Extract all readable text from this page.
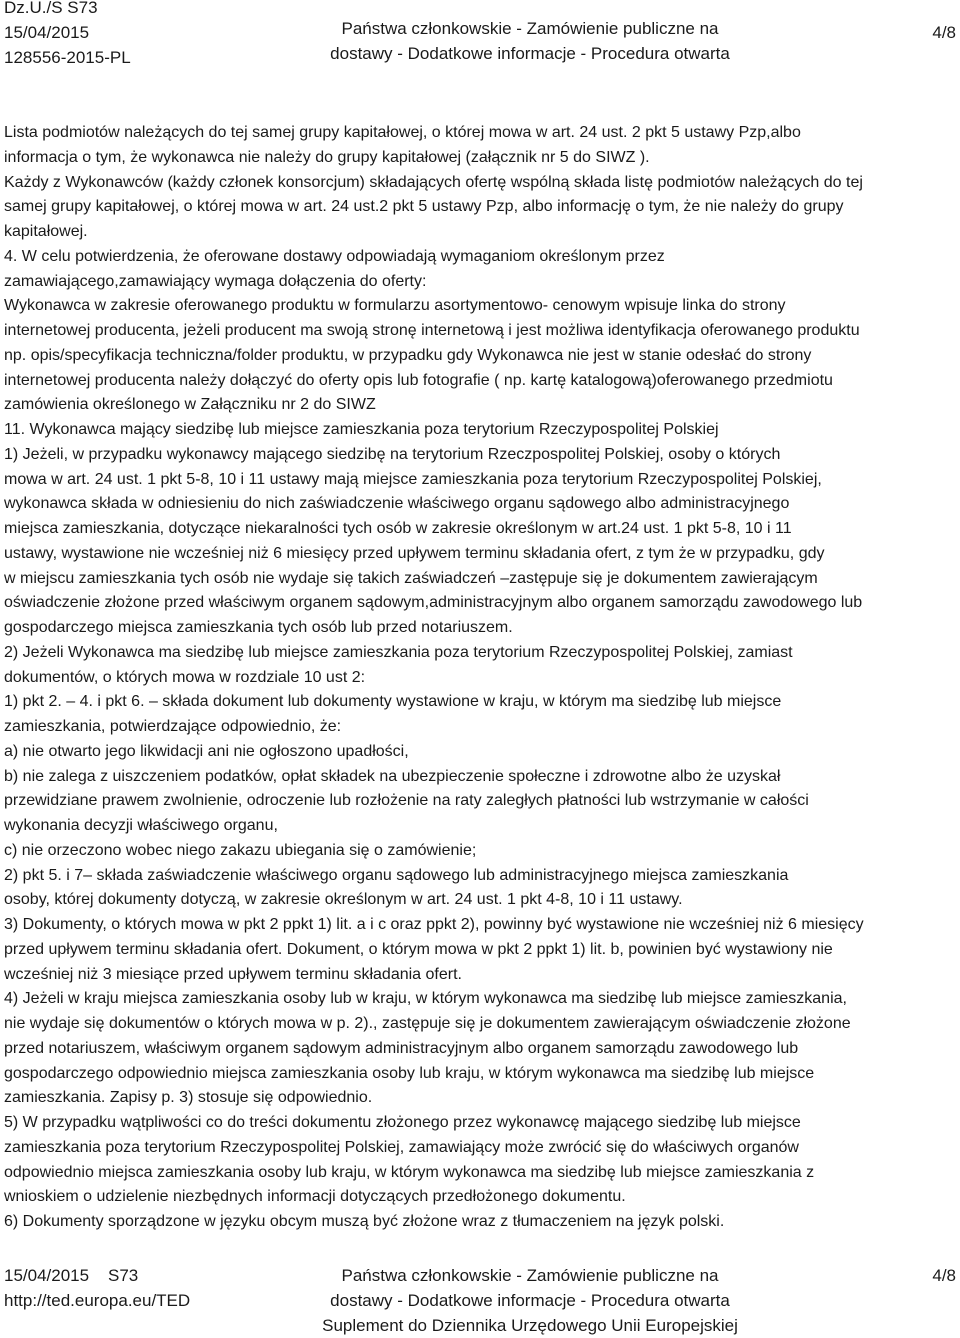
Dz.U./S S73
15/04/2015
128556-2015-PL
Państwa członkowskie - Zamówienie publiczne na
dostawy - Dodatkowe informacje - Procedura otwarta
4/8

Lista podmiotów należących do tej samej grupy kapitałowej, o której mowa w art. 24 ust. 2 pkt 5 ustawy Pzp,albo

informacja o tym, że wykonawca nie należy do grupy kapitałowej (załącznik nr 5 do SIWZ ).

Każdy z Wykonawców (każdy członek konsorcjum) składających ofertę wspólną składa listę podmiotów należących do tej

samej grupy kapitałowej, o której mowa w art. 24 ust.2 pkt 5 ustawy Pzp, albo informację o tym, że nie należy do grupy

kapitałowej.

4. W celu potwierdzenia, że oferowane dostawy odpowiadają wymaganiom określonym przez

zamawiającego,zamawiający wymaga dołączenia do oferty:

Wykonawca w zakresie oferowanego produktu w formularzu asortymentowo- cenowym wpisuje linka do strony

internetowej producenta, jeżeli producent ma swoją stronę internetową i jest możliwa identyfikacja oferowanego produktu

np. opis/specyfikacja techniczna/folder produktu, w przypadku gdy Wykonawca nie jest w stanie odesłać do strony

internetowej producenta należy dołączyć do oferty opis lub fotografie ( np. kartę katalogową)oferowanego przedmiotu

zamówienia określonego w Załączniku nr 2 do SIWZ

11. Wykonawca mający siedzibę lub miejsce zamieszkania poza terytorium Rzeczypospolitej Polskiej

1) Jeżeli, w przypadku wykonawcy mającego siedzibę na terytorium Rzeczpospolitej Polskiej, osoby o których

mowa w art. 24 ust. 1 pkt 5-8, 10 i 11 ustawy mają miejsce zamieszkania poza terytorium Rzeczypospolitej Polskiej,

wykonawca składa w odniesieniu do nich zaświadczenie właściwego organu sądowego albo administracyjnego

miejsca zamieszkania, dotyczące niekaralności tych osób w zakresie określonym w art.24 ust. 1 pkt 5-8, 10 i 11

ustawy, wystawione nie wcześniej niż 6 miesięcy przed upływem terminu składania ofert, z tym że w przypadku, gdy

w miejscu zamieszkania tych osób nie wydaje się takich zaświadczeń –zastępuje się je dokumentem zawierającym

oświadczenie złożone przed właściwym organem sądowym,administracyjnym albo organem samorządu zawodowego lub

gospodarczego miejsca zamieszkania tych osób lub przed notariuszem.

2) Jeżeli Wykonawca ma siedzibę lub miejsce zamieszkania poza terytorium Rzeczypospolitej Polskiej, zamiast

dokumentów, o których mowa w rozdziale 10 ust 2:

1) pkt 2. – 4. i pkt 6. – składa dokument lub dokumenty wystawione w kraju, w którym ma siedzibę lub miejsce

zamieszkania, potwierdzające odpowiednio, że:

a) nie otwarto jego likwidacji ani nie ogłoszono upadłości,

b) nie zalega z uiszczeniem podatków, opłat składek na ubezpieczenie społeczne i zdrowotne albo że uzyskał

przewidziane prawem zwolnienie, odroczenie lub rozłożenie na raty zaległych płatności lub wstrzymanie w całości

wykonania decyzji właściwego organu,

c) nie orzeczono wobec niego zakazu ubiegania się o zamówienie;

2) pkt 5. i 7– składa zaświadczenie właściwego organu sądowego lub administracyjnego miejsca zamieszkania

osoby, której dokumenty dotyczą, w zakresie określonym w art. 24 ust. 1 pkt 4-8, 10 i 11 ustawy.

3) Dokumenty, o których mowa w pkt 2 ppkt 1) lit. a i c oraz ppkt 2), powinny być wystawione nie wcześniej niż 6 miesięcy

przed upływem terminu składania ofert. Dokument, o którym mowa w pkt 2 ppkt 1) lit. b, powinien być wystawiony nie

wcześniej niż 3 miesiące przed upływem terminu składania ofert.

4) Jeżeli w kraju miejsca zamieszkania osoby lub w kraju, w którym wykonawca ma siedzibę lub miejsce zamieszkania,

nie wydaje się dokumentów o których mowa w p. 2)., zastępuje się je dokumentem zawierającym oświadczenie złożone

przed notariuszem, właściwym organem sądowym administracyjnym albo organem samorządu zawodowego lub

gospodarczego odpowiednio miejsca zamieszkania osoby lub kraju, w którym wykonawca ma siedzibę lub miejsce

zamieszkania. Zapisy p. 3) stosuje się odpowiednio.

5) W przypadku wątpliwości co do treści dokumentu złożonego przez wykonawcę mającego siedzibę lub miejsce

zamieszkania poza terytorium Rzeczypospolitej Polskiej, zamawiający może zwrócić się do właściwych organów

odpowiednio miejsca zamieszkania osoby lub kraju, w którym wykonawca ma siedzibę lub miejsce zamieszkania z

wnioskiem o udzielenie niezbędnych informacji dotyczących przedłożonego dokumentu.

6) Dokumenty sporządzone w języku obcym muszą być złożone wraz z tłumaczeniem na język polski.

15/04/2015 S73
http://ted.europa.eu/TED
Państwa członkowskie - Zamówienie publiczne na
dostawy - Dodatkowe informacje - Procedura otwarta
Suplement do Dziennika Urzędowego Unii Europejskiej
4/8
